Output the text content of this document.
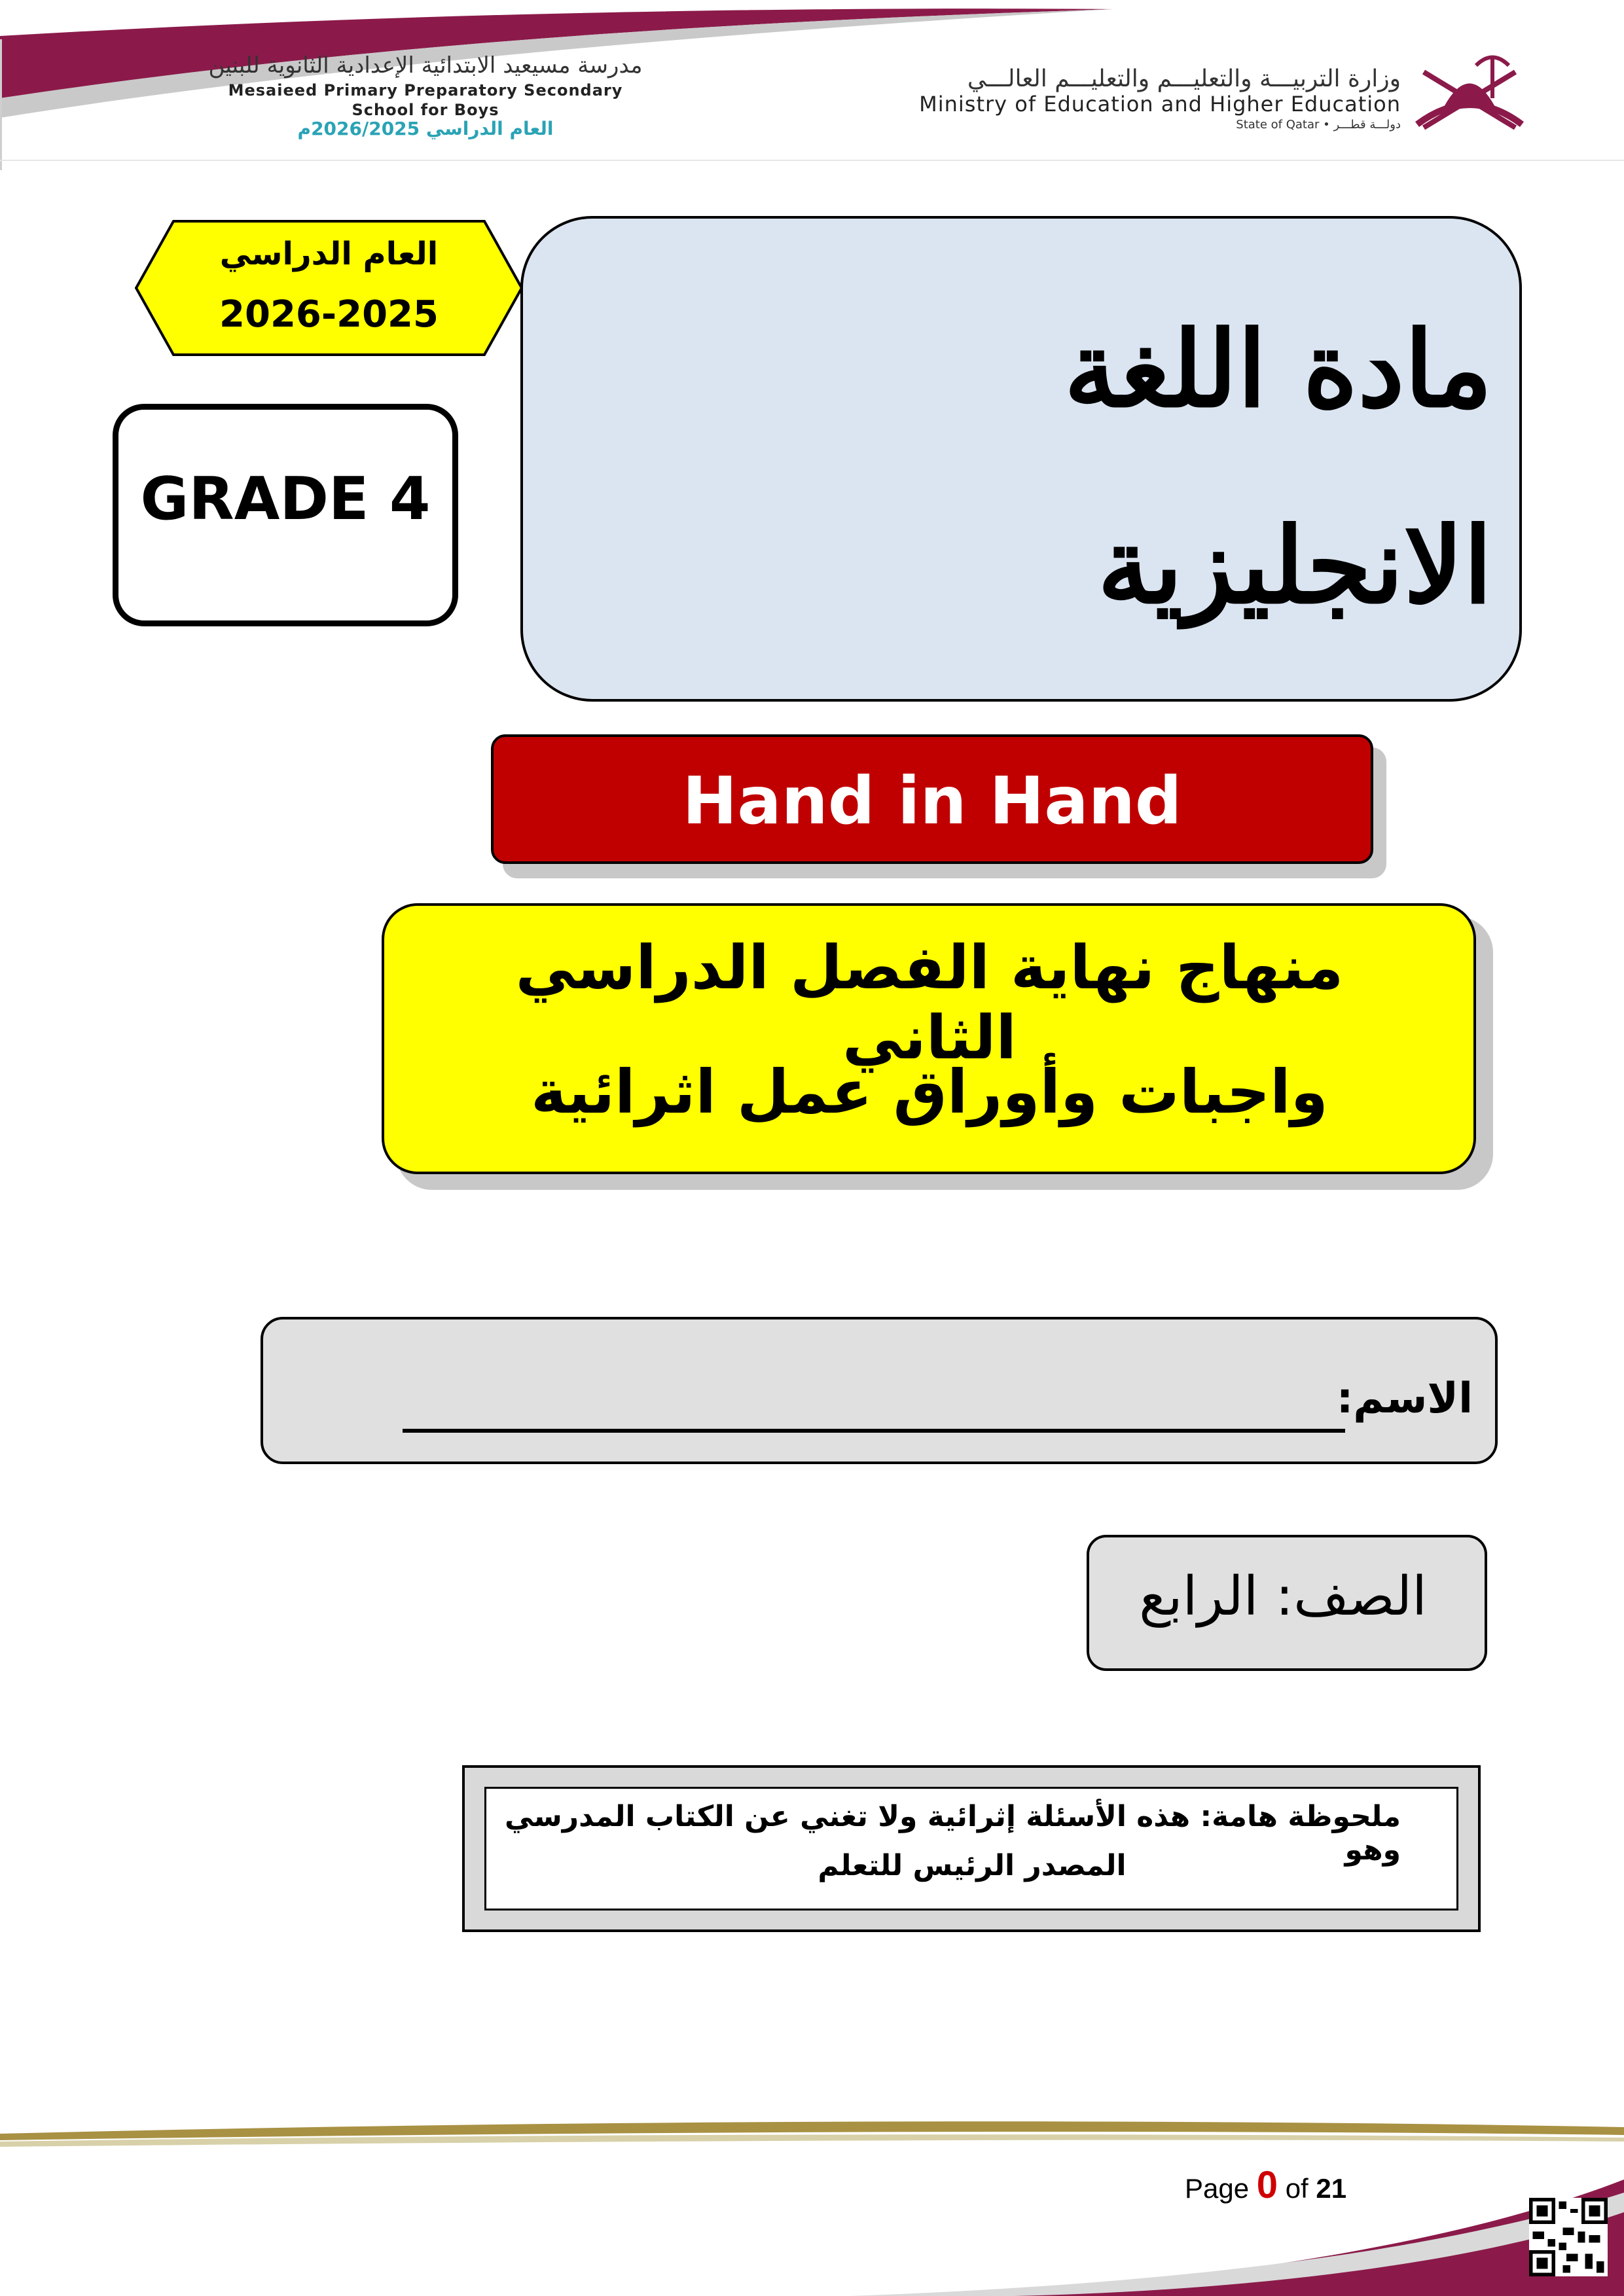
مدرسة مسيعيد الابتدائية الإعدادية الثانوية للبنين
Mesaieed Primary Preparatory Secondary
School for Boys
العام الدراسي 2026/2025م
وزارة التربيـــة والتعليـــم والتعليـــم العالـــي
Ministry of Education and Higher Education
State of Qatar • دولـــة قطـــر
العام الدراسي
2026-2025
GRADE 4
مادة اللغة
الانجليزية
Hand in Hand
منهاج نهاية الفصل الدراسي الثاني
واجبات وأوراق عمل اثرائية
الاسم:
الصف: الرابع
ملحوظة هامة: هذه الأسئلة إثرائية ولا تغني عن الكتاب المدرسي وهو
المصدر الرئيس للتعلم
Page 0 of 21
